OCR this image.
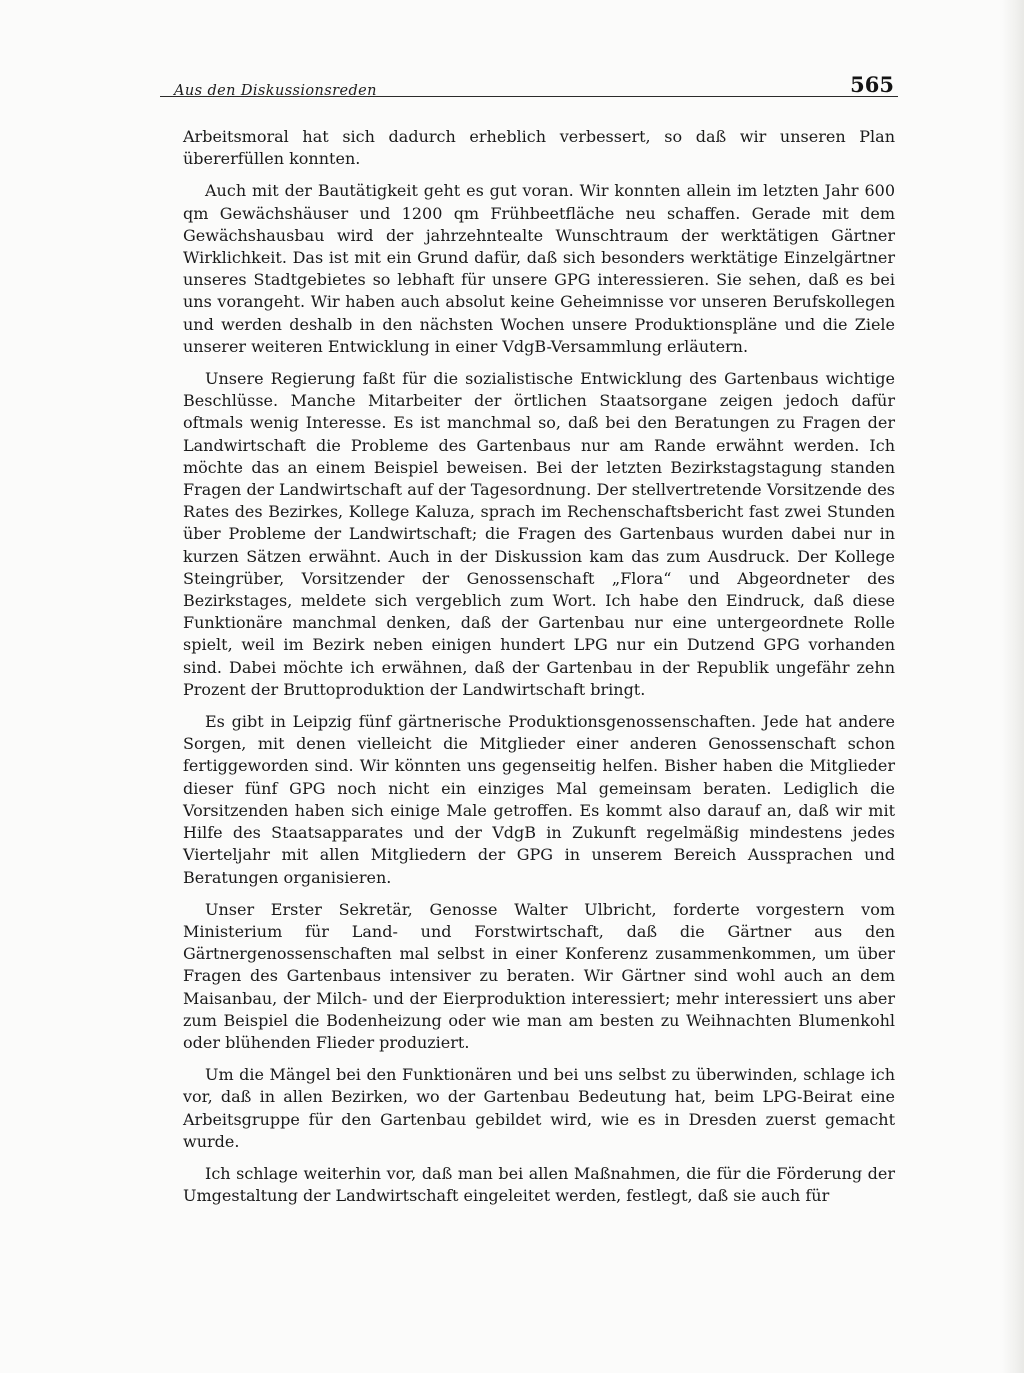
Aus den Diskussionsreden	565

Arbeitsmoral hat sich dadurch erheblich verbessert, so daß wir unseren Plan übererfüllen konnten.

Auch mit der Bautätigkeit geht es gut voran. Wir konnten allein im letzten Jahr 600 qm Gewächshäuser und 1200 qm Frühbeetfläche neu schaffen. Gerade mit dem Gewächshausbau wird der jahrzehntealte Wunschtraum der werktätigen Gärtner Wirklichkeit. Das ist mit ein Grund dafür, daß sich besonders werktätige Einzelgärtner unseres Stadtgebietes so lebhaft für unsere GPG interessieren. Sie sehen, daß es bei uns vorangeht. Wir haben auch absolut keine Geheimnisse vor unseren Berufskollegen und werden deshalb in den nächsten Wochen unsere Produktionspläne und die Ziele unserer weiteren Entwicklung in einer VdgB-Versammlung erläutern.

Unsere Regierung faßt für die sozialistische Entwicklung des Gartenbaus wichtige Beschlüsse. Manche Mitarbeiter der örtlichen Staatsorgane zeigen jedoch dafür oftmals wenig Interesse. Es ist manchmal so, daß bei den Beratungen zu Fragen der Landwirtschaft die Probleme des Gartenbaus nur am Rande erwähnt werden. Ich möchte das an einem Beispiel beweisen. Bei der letzten Bezirkstagstagung standen Fragen der Landwirtschaft auf der Tagesordnung. Der stellvertretende Vorsitzende des Rates des Bezirkes, Kollege Kaluza, sprach im Rechenschaftsbericht fast zwei Stunden über Probleme der Landwirtschaft; die Fragen des Gartenbaus wurden dabei nur in kurzen Sätzen erwähnt. Auch in der Diskussion kam das zum Ausdruck. Der Kollege Steingrüber, Vorsitzender der Genossenschaft „Flora“ und Abgeordneter des Bezirkstages, meldete sich vergeblich zum Wort. Ich habe den Eindruck, daß diese Funktionäre manchmal denken, daß der Gartenbau nur eine untergeordnete Rolle spielt, weil im Bezirk neben einigen hundert LPG nur ein Dutzend GPG vorhanden sind. Dabei möchte ich erwähnen, daß der Gartenbau in der Republik ungefähr zehn Prozent der Bruttoproduktion der Landwirtschaft bringt.

Es gibt in Leipzig fünf gärtnerische Produktionsgenossenschaften. Jede hat andere Sorgen, mit denen vielleicht die Mitglieder einer anderen Genossenschaft schon fertiggeworden sind. Wir könnten uns gegenseitig helfen. Bisher haben die Mitglieder dieser fünf GPG noch nicht ein einziges Mal gemeinsam beraten. Lediglich die Vorsitzenden haben sich einige Male getroffen. Es kommt also darauf an, daß wir mit Hilfe des Staatsapparates und der VdgB in Zukunft regelmäßig mindestens jedes Vierteljahr mit allen Mitgliedern der GPG in unserem Bereich Aussprachen und Beratungen organisieren.

Unser Erster Sekretär, Genosse Walter Ulbricht, forderte vorgestern vom Ministerium für Land- und Forstwirtschaft, daß die Gärtner aus den Gärtnergenossenschaften mal selbst in einer Konferenz zusammenkommen, um über Fragen des Gartenbaus intensiver zu beraten. Wir Gärtner sind wohl auch an dem Maisanbau, der Milch- und der Eierproduktion interessiert; mehr interessiert uns aber zum Beispiel die Bodenheizung oder wie man am besten zu Weihnachten Blumenkohl oder blühenden Flieder produziert.

Um die Mängel bei den Funktionären und bei uns selbst zu überwinden, schlage ich vor, daß in allen Bezirken, wo der Gartenbau Bedeutung hat, beim LPG-Beirat eine Arbeitsgruppe für den Gartenbau gebildet wird, wie es in Dresden zuerst gemacht wurde.

Ich schlage weiterhin vor, daß man bei allen Maßnahmen, die für die Förderung der Umgestaltung der Landwirtschaft eingeleitet werden, festlegt, daß sie auch für
